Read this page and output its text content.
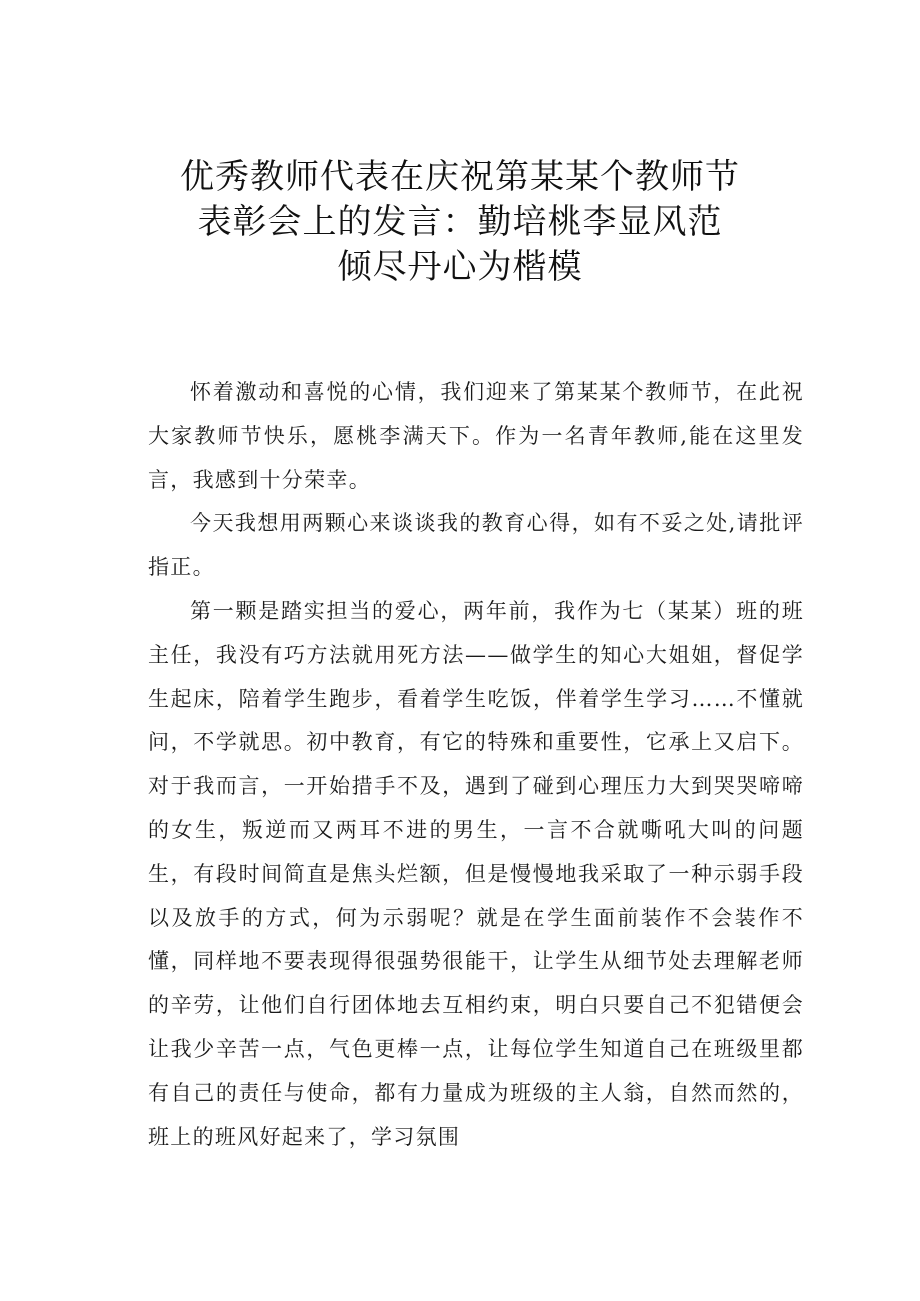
优秀教师代表在庆祝第某某个教师节
表彰会上的发言：勤培桃李显风范
倾尽丹心为楷模

怀着激动和喜悦的心情，我们迎来了第某某个教师节，在此祝大家教师节快乐，愿桃李满天下。作为一名青年教师,能在这里发言，我感到十分荣幸。

今天我想用两颗心来谈谈我的教育心得，如有不妥之处,请批评指正。

第一颗是踏实担当的爱心，两年前，我作为七（某某）班的班主任，我没有巧方法就用死方法——做学生的知心大姐姐，督促学生起床，陪着学生跑步，看着学生吃饭，伴着学生学习……不懂就问，不学就思。初中教育，有它的特殊和重要性，它承上又启下。对于我而言，一开始措手不及，遇到了碰到心理压力大到哭哭啼啼的女生，叛逆而又两耳不进的男生，一言不合就嘶吼大叫的问题生，有段时间简直是焦头烂额，但是慢慢地我采取了一种示弱手段以及放手的方式，何为示弱呢？就是在学生面前装作不会装作不懂，同样地不要表现得很强势很能干，让学生从细节处去理解老师的辛劳，让他们自行团体地去互相约束，明白只要自己不犯错便会让我少辛苦一点，气色更棒一点，让每位学生知道自己在班级里都有自己的责任与使命，都有力量成为班级的主人翁，自然而然的，班上的班风好起来了，学习氛围
